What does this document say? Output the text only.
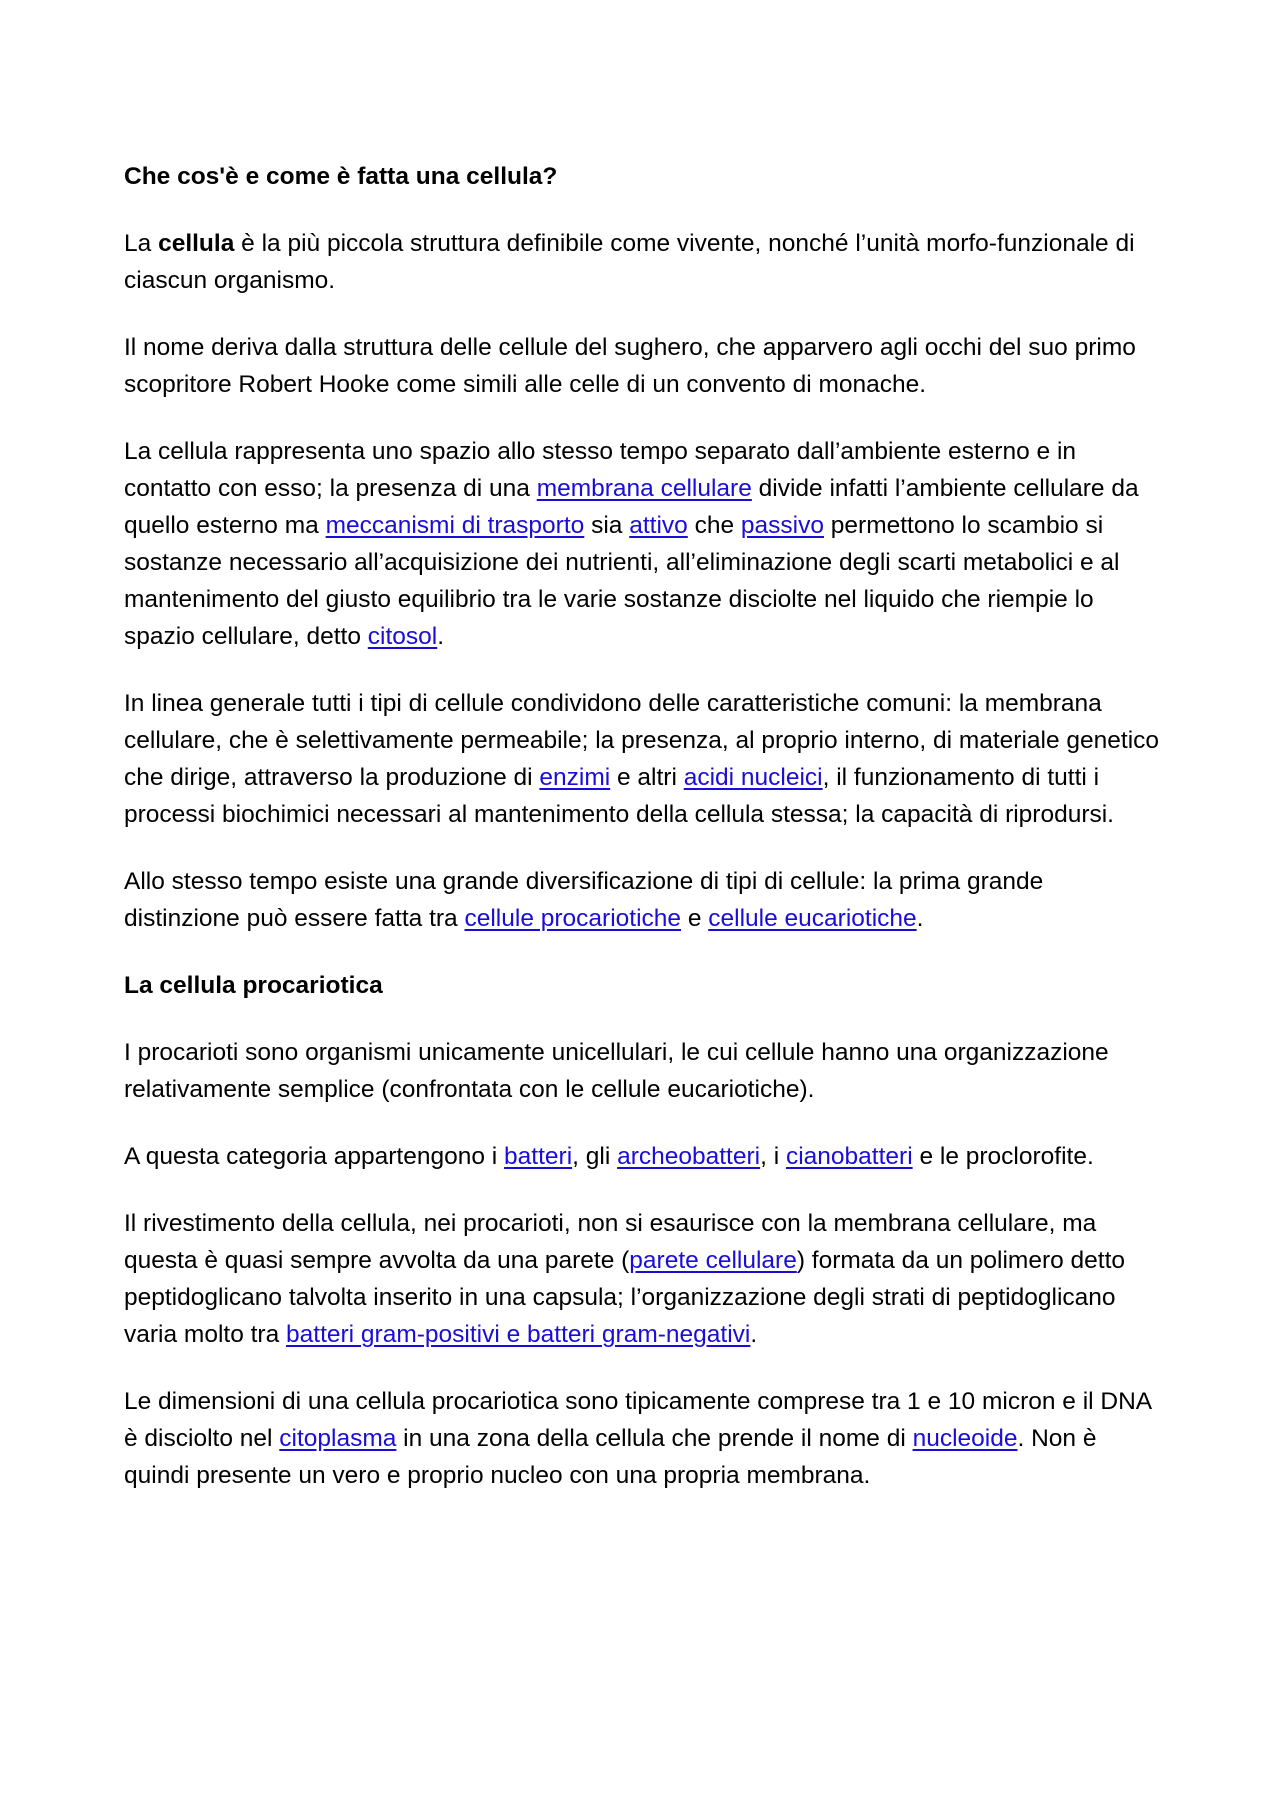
Che cos'è e come è fatta una cellula?

La cellula è la più piccola struttura definibile come vivente, nonché l’unità morfo-funzionale di ciascun organismo.

Il nome deriva dalla struttura delle cellule del sughero, che apparvero agli occhi del suo primo scopritore Robert Hooke come simili alle celle di un convento di monache.

La cellula rappresenta uno spazio allo stesso tempo separato dall’ambiente esterno e in contatto con esso; la presenza di una membrana cellulare divide infatti l’ambiente cellulare da quello esterno ma meccanismi di trasporto sia attivo che passivo permettono lo scambio si sostanze necessario all’acquisizione dei nutrienti, all’eliminazione degli scarti metabolici e al mantenimento del giusto equilibrio tra le varie sostanze disciolte nel liquido che riempie lo spazio cellulare, detto citosol.

In linea generale tutti i tipi di cellule condividono delle caratteristiche comuni: la membrana cellulare, che è selettivamente permeabile; la presenza, al proprio interno, di materiale genetico che dirige, attraverso la produzione di enzimi e altri acidi nucleici, il funzionamento di tutti i processi biochimici necessari al mantenimento della cellula stessa; la capacità di riprodursi.

Allo stesso tempo esiste una grande diversificazione di tipi di cellule: la prima grande distinzione può essere fatta tra cellule procariotiche e cellule eucariotiche.

La cellula procariotica

I procarioti sono organismi unicamente unicellulari, le cui cellule hanno una organizzazione relativamente semplice (confrontata con le cellule eucariotiche).

A questa categoria appartengono i batteri, gli archeobatteri, i cianobatteri e le proclorofite.

Il rivestimento della cellula, nei procarioti, non si esaurisce con la membrana cellulare, ma questa è quasi sempre avvolta da una parete (parete cellulare) formata da un polimero detto peptidoglicano talvolta inserito in una capsula; l’organizzazione degli strati di peptidoglicano varia molto tra batteri gram-positivi e batteri gram-negativi.

Le dimensioni di una cellula procariotica sono tipicamente comprese tra 1 e 10 micron e il DNA è disciolto nel citoplasma in una zona della cellula che prende il nome di nucleoide. Non è quindi presente un vero e proprio nucleo con una propria membrana.
